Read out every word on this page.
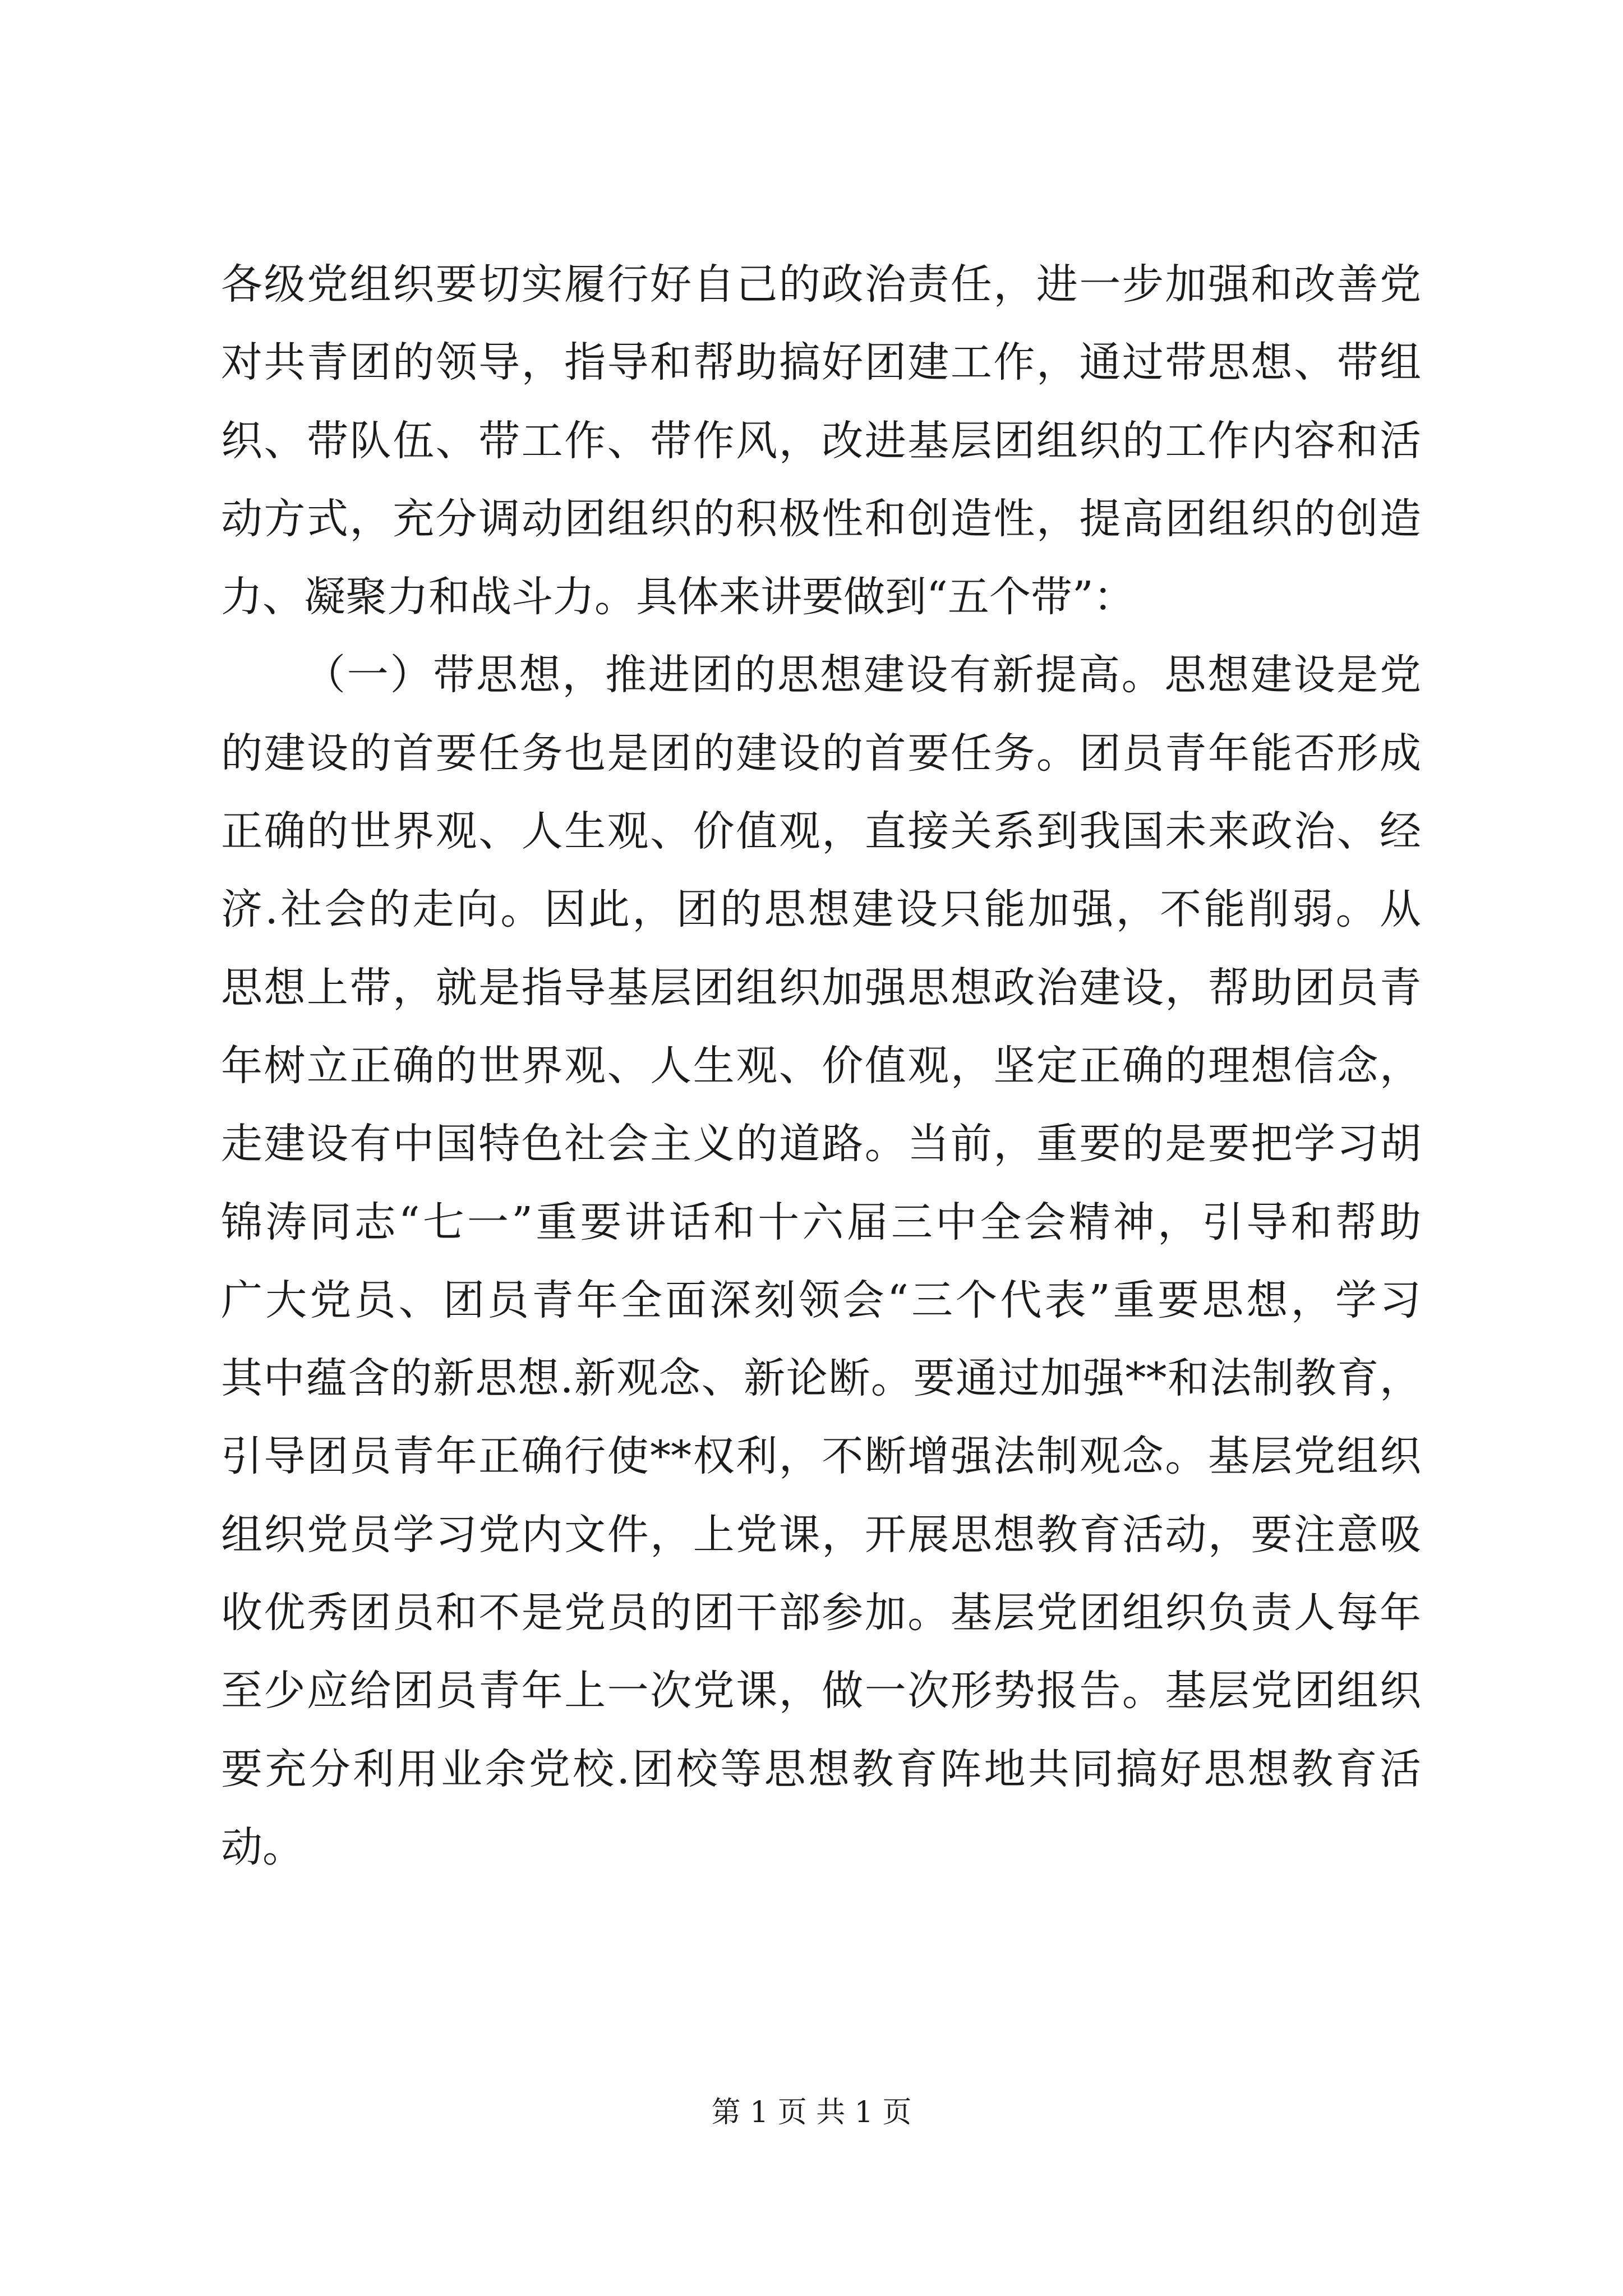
各级党组织要切实履行好自己的政治责任，进一步加强和改善党
对共青团的领导，指导和帮助搞好团建工作，通过带思想、带组
织、带队伍、带工作、带作风，改进基层团组织的工作内容和活
动方式，充分调动团组织的积极性和创造性，提高团组织的创造
力、凝聚力和战斗力。具体来讲要做到“五个带”：
（一）带思想，推进团的思想建设有新提高。思想建设是党
的建设的首要任务也是团的建设的首要任务。团员青年能否形成
正确的世界观、人生观、价值观，直接关系到我国未来政治、经
济.社会的走向。因此，团的思想建设只能加强，不能削弱。从
思想上带，就是指导基层团组织加强思想政治建设，帮助团员青
年树立正确的世界观、人生观、价值观，坚定正确的理想信念，
走建设有中国特色社会主义的道路。当前，重要的是要把学习胡
锦涛同志“七一”重要讲话和十六届三中全会精神，引导和帮助
广大党员、团员青年全面深刻领会“三个代表”重要思想，学习
其中蕴含的新思想.新观念、新论断。要通过加强**和法制教育，
引导团员青年正确行使**权利，不断增强法制观念。基层党组织
组织党员学习党内文件，上党课，开展思想教育活动，要注意吸
收优秀团员和不是党员的团干部参加。基层党团组织负责人每年
至少应给团员青年上一次党课，做一次形势报告。基层党团组织
要充分利用业余党校.团校等思想教育阵地共同搞好思想教育活
动。
第 1 页 共 1 页
